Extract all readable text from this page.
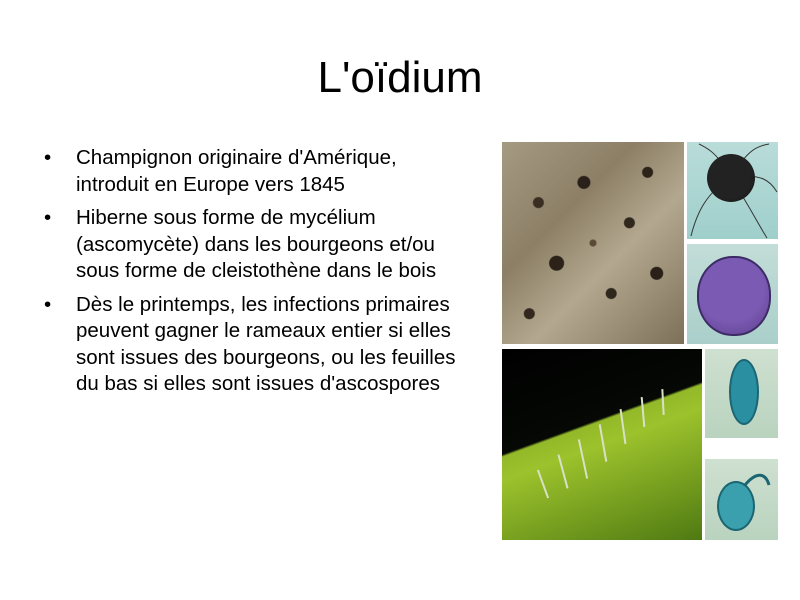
L'oïdium
• Champignon originaire d'Amérique, introduit en Europe vers 1845
• Hiberne sous forme de mycélium (ascomycète) dans les bourgeons et/ou sous forme de cleistothène dans le bois
• Dès le printemps, les infections primaires peuvent gagner le rameaux entier si elles sont issues des bourgeons, ou les feuilles du bas si elles sont issues d'ascospores
